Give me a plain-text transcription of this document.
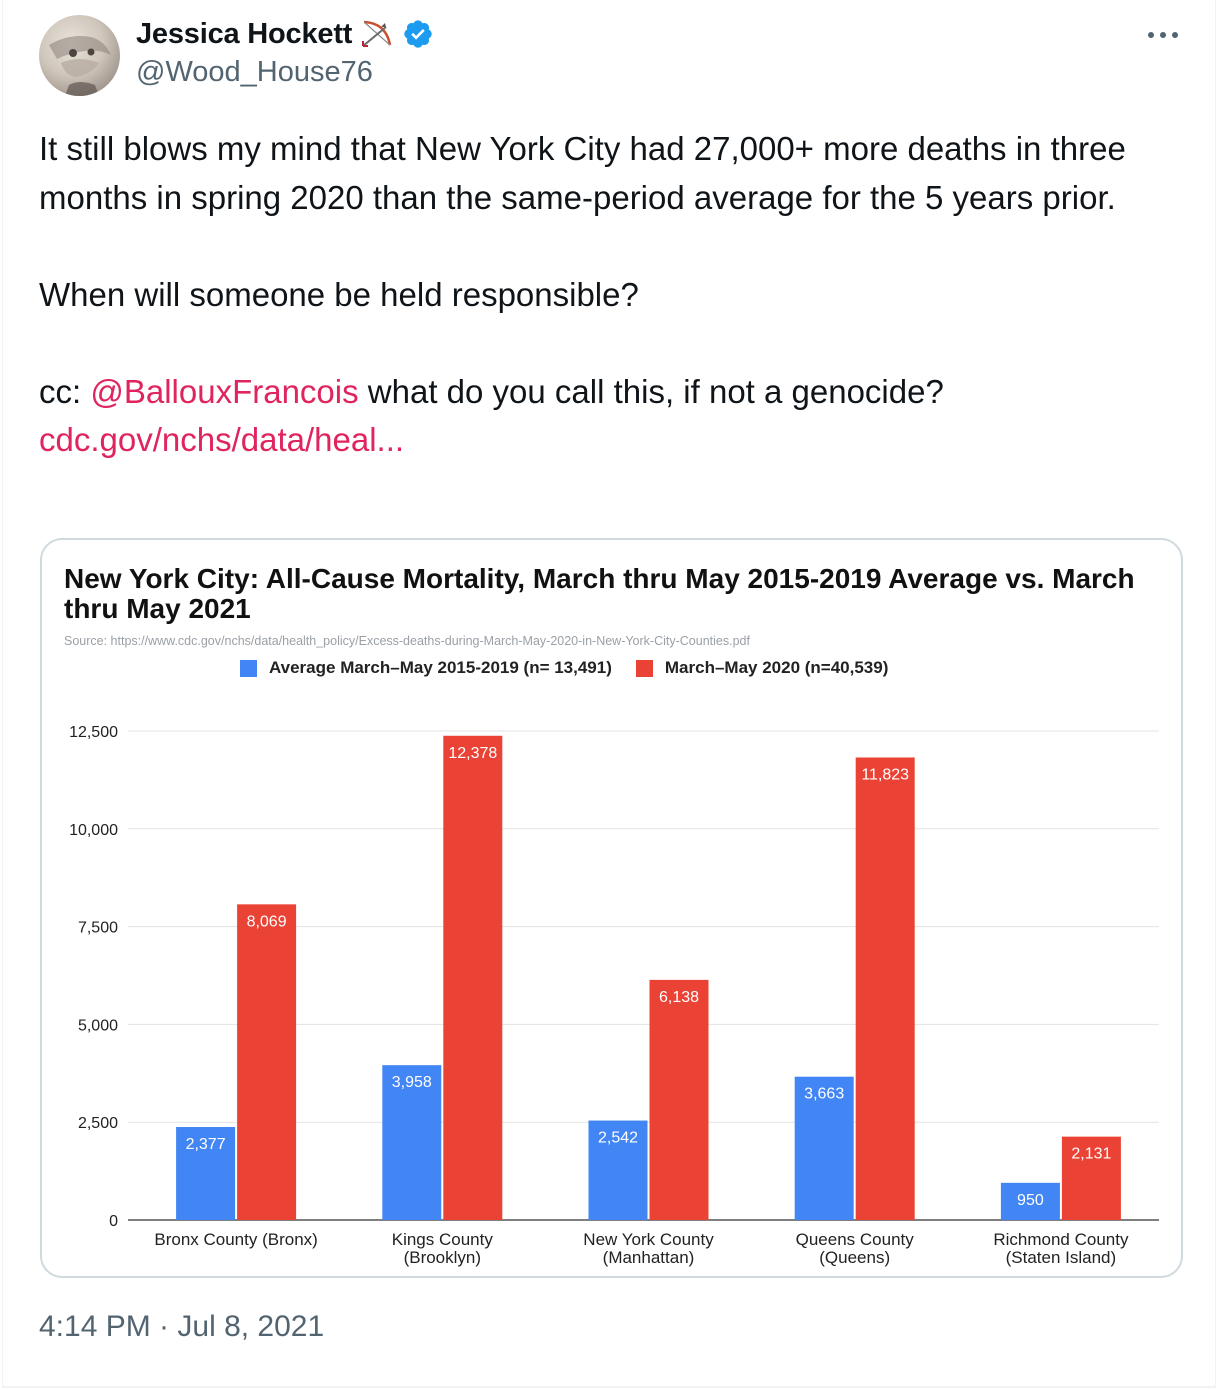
Jessica Hockett
@Wood_House76

It still blows my mind that New York City had 27,000+ more deaths in three months in spring 2020 than the same-period average for the 5 years prior.

When will someone be held responsible?

cc: @BallouxFrancois what do you call this, if not a genocide?

cdc.gov/nchs/data/heal...

New York City: All-Cause Mortality, March thru May 2015-2019 Average vs. March thru May 2021
Source: https://www.cdc.gov/nchs/data/health_policy/Excess-deaths-during-March-May-2020-in-New-York-City-Counties.pdf
Average March–May 2015-2019 (n= 13,491)	March–May 2020 (n=40,539)
0
2,500
5,000
7,500
10,000
12,500
2,377
8,069
Bronx County (Bronx)
3,958
12,378
Kings County
(Brooklyn)
2,542
6,138
New York County
(Manhattan)
3,663
11,823
Queens County
(Queens)
950
2,131
Richmond County
(Staten Island)
4:14 PM · Jul 8, 2021
